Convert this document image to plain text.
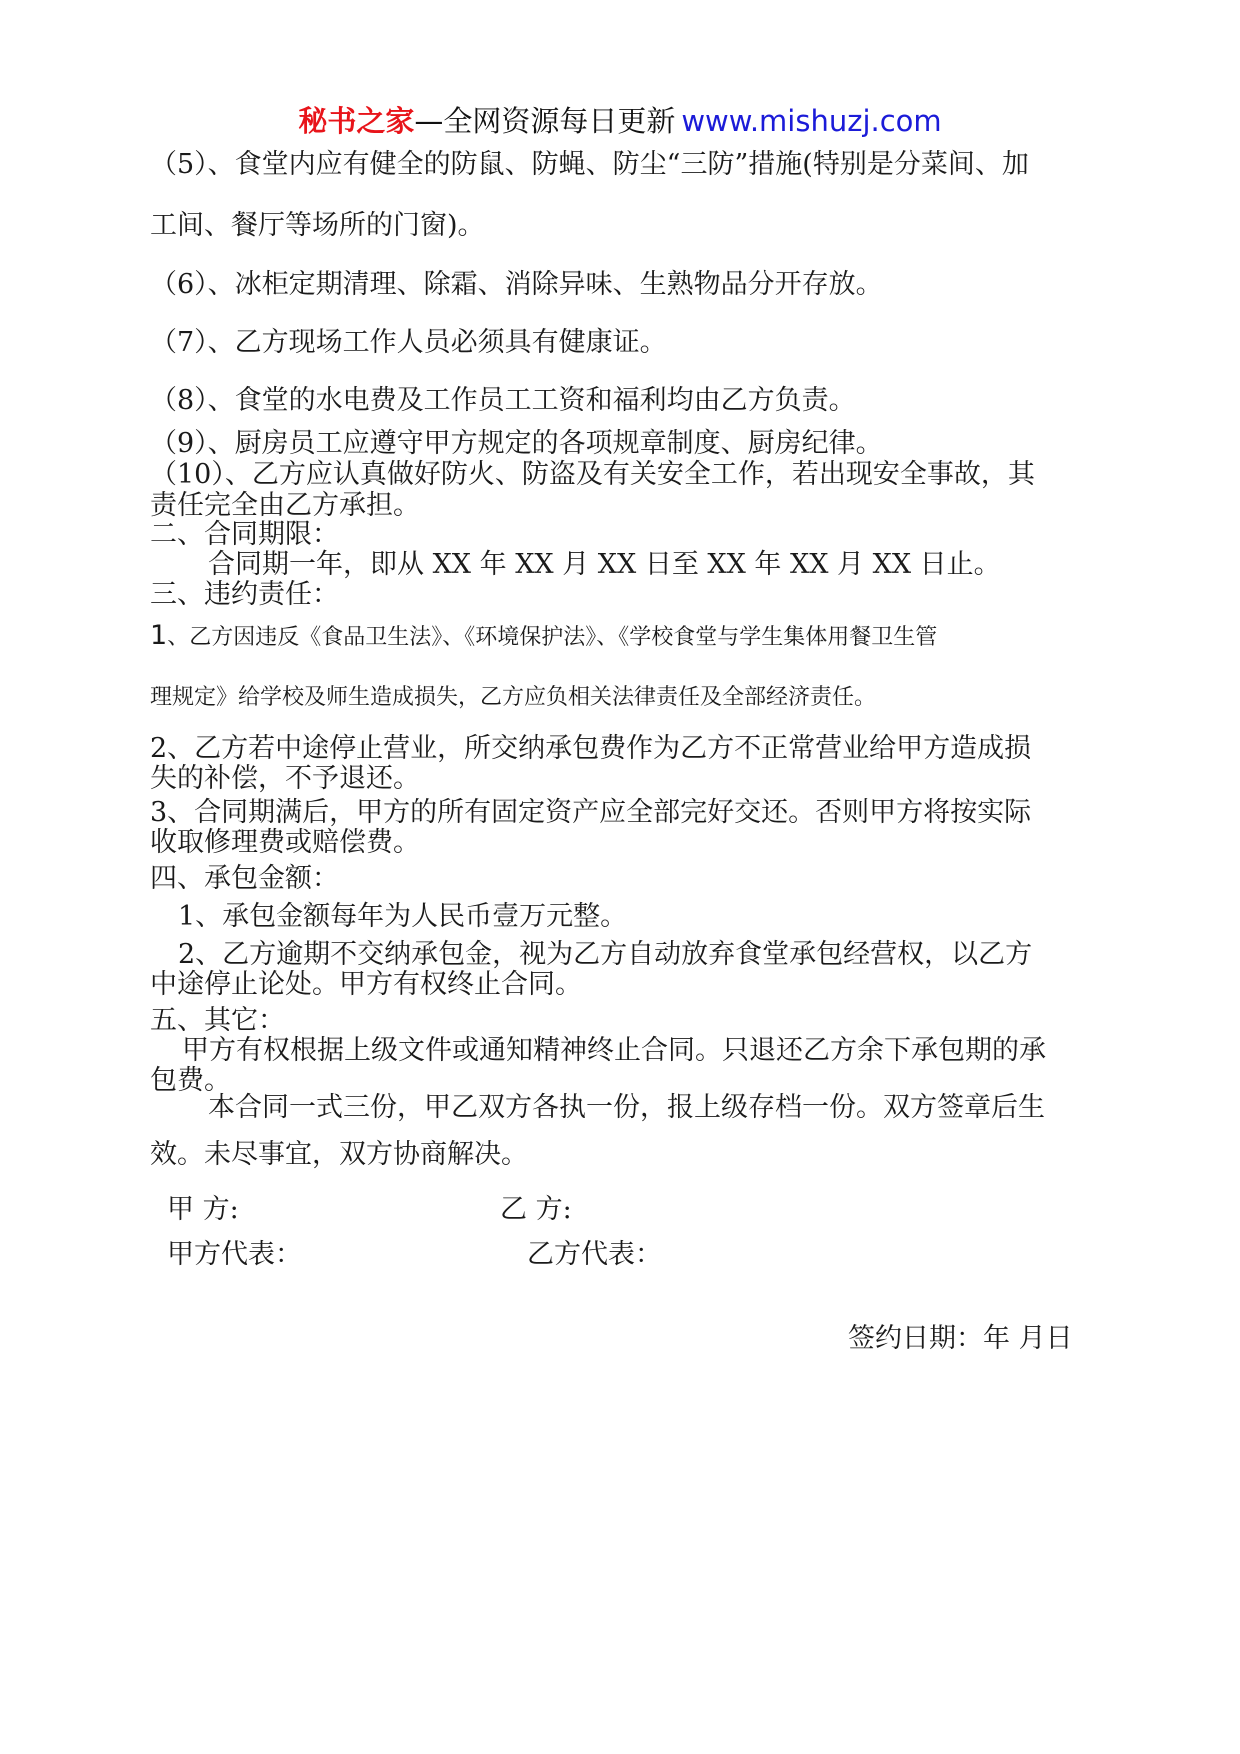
秘书之家—全网资源每日更新 www.mishuzj.com
（5）、食堂内应有健全的防鼠、防蝇、防尘“三防”措施(特别是分菜间、加
工间、餐厅等场所的门窗)。
（6）、冰柜定期清理、除霜、消除异味、生熟物品分开存放。
（7）、乙方现场工作人员必须具有健康证。
（8）、食堂的水电费及工作员工工资和福利均由乙方负责。
（9）、厨房员工应遵守甲方规定的各项规章制度、厨房纪律。
（10）、乙方应认真做好防火、防盗及有关安全工作，若出现安全事故，其
责任完全由乙方承担。
二、合同期限：
合同期一年，即从 XX 年 XX 月 XX 日至 XX 年 XX 月 XX 日止。
三、违约责任：
1、乙方因违反《食品卫生法》、《环境保护法》、《学校食堂与学生集体用餐卫生管
理规定》给学校及师生造成损失，乙方应负相关法律责任及全部经济责任。
2、乙方若中途停止营业，所交纳承包费作为乙方不正常营业给甲方造成损
失的补偿，不予退还。
3、合同期满后，甲方的所有固定资产应全部完好交还。否则甲方将按实际
收取修理费或赔偿费。
四、承包金额：
1、承包金额每年为人民币壹万元整。
2、乙方逾期不交纳承包金，视为乙方自动放弃食堂承包经营权，以乙方
中途停止论处。甲方有权终止合同。
五、其它：
甲方有权根据上级文件或通知精神终止合同。只退还乙方余下承包期的承
包费。
本合同一式三份，甲乙双方各执一份，报上级存档一份。双方签章后生
效。未尽事宜，双方协商解决。
甲 方:	乙 方:
甲方代表：	乙方代表：
签约日期：年 月日
